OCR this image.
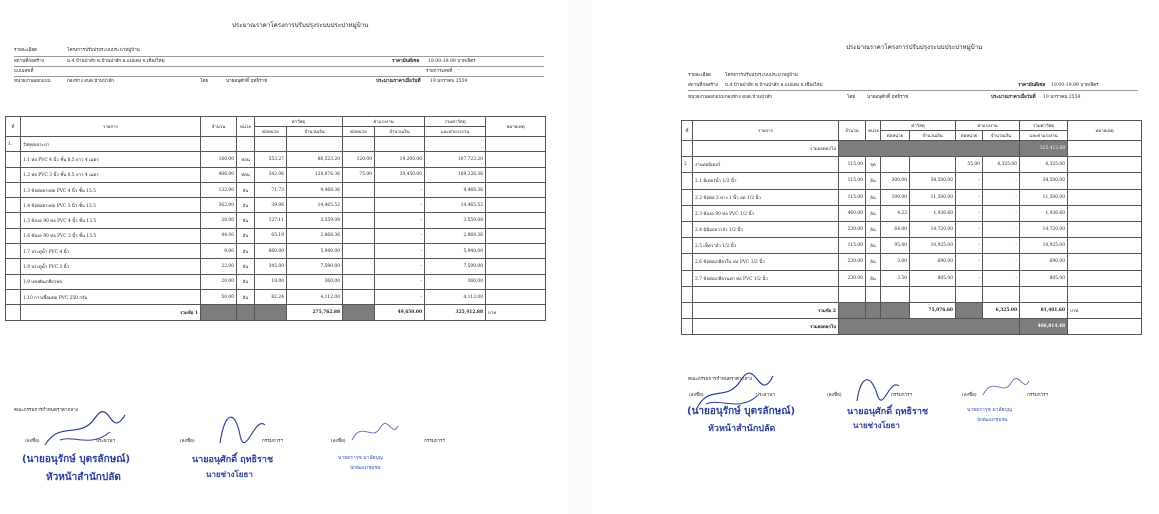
ประมาณราคาโครงการปรับปรุงระบบประปาหมู่บ้าน
รายละเอียด	โครงการปรับปรุงระบบประปาหมู่บ้าน
สถานที่ก่อสร้าง	ม.4 บ้านป่าสัก ต.บ้านป่าสัก อ.แม่แตง จ.เชียงใหม่	ราคามันดีเซล 19.00-19.99 บาท/ลิตร
แบบเลขที่	รายการเลขที่ -
หน่วยงานออกแบบ	กองช่าง อบต.บ้านป่าสัก	โดย	นายอนุศักดิ์ ฤทธิราช	ประมาณราคาเมื่อวันที่ 19 มกราคม 2559
ที่	รายการ	จำนวน	หน่วย	ค่าวัสดุ		ค่าแรงงาน		รวมค่าวัสดุ	หมายเหตุ
				ต่อหน่วย	จำนวนเงิน	ต่อหน่วย	จำนวนเงิน	และค่าแรงงาน	
1.	วัสดุท่อประปา								
	1.1 ท่อ PVC 4 นิ้ว ชั้น 8.5 ยาว 4 เมตร	160.00	ท่อน	553.27	88,523.20	120.00	19,200.00	107,723.20	
	1.2 ท่อ PVC 3 นิ้ว ชั้น 8.5 ยาว 4 เมตร	406.00	ท่อน	342.06	138,876.36	75.00	30,450.00	169,326.36	
	1.3 ข้อต่อตรงท่อ PVC 4 นิ้ว ชั้น 13.5	132.00	อัน	71.73	9,468.36		-	9,468.36	
	1.4 ข้อต่อตรงท่อ PVC 3 นิ้ว ชั้น 13.5	362.00	อัน	39.96	14,465.52		-	14,465.52	
	1.5 ข้องอ 90 ท่อ PVC 4 นิ้ว ชั้น 13.5	28.00	อัน	127.11	3,559.08		-	3,559.08	
	1.6 ข้องอ 90 ท่อ PVC 3 นิ้ว ชั้น 13.5	44.00	อัน	65.19	2,868.36		-	2,868.36	
	1.7 ประตูน้ำ PVC 4 นิ้ว	9.00	อัน	660.00	5,940.00		-	5,940.00	
	1.8 ประตูน้ำ PVC 3 นิ้ว	22.00	อัน	345.00	7,590.00		-	7,590.00	
	1.9 เทปพันเกลียวท่อ	20.00	อัน	18.00	360.00		-	360.00	
	1.10 กาวเชื่อมท่อ PVC 250 กรัม	50.00	อัน	82.24	4,112.00		-	4,112.00	
	รวมข้อ 1				275,762.88		49,650.00	325,412.88	บาท
คณะกรรมการกำหนดราคากลาง
(ลงชื่อ)	ประธานฯ
(นายอนุรักษ์ บุตรลักษณ์)
หัวหน้าสำนักปลัด
(ลงชื่อ)	กรรมการฯ
นายอนุศักดิ์ ฤทธิราช
นายช่างโยธา
(ลงชื่อ)	กรรมการฯ
นายธรารุช มาลัยบุญ
นักพัฒนาชุมชน
ประมาณราคาโครงการปรับปรุงระบบประปาหมู่บ้าน
รายละเอียด	โครงการปรับปรุงระบบประปาหมู่บ้าน
สถานที่ก่อสร้าง ม.4 บ้านป่าสัก ต.บ้านป่าสัก อ.แม่แตง จ.เชียงใหม่	ราคามันดีเซล 19.00-19.99 บาท/ลิตร
หน่วยงานออกแบบ กองช่าง อบต.บ้านป่าสัก	โดย	นายอนุศักดิ์ ฤทธิราช	ประมาณราคาเมื่อวันที่ 19 มกราคม 2559
ที่	รายการ	จำนวน	หน่วย	ค่าวัสดุ		ค่าแรงงาน		รวมค่าวัสดุ	หมายเหตุ
				ต่อหน่วย	จำนวนเงิน	ต่อหน่วย	จำนวนเงิน	และค่าแรงงาน	
	รวมยอดยกไป							325,412.88	
2	งานท่อมิเตอร์	115.00	จุด			55.00	6,325.00	6,325.00	
	2.1 มิเตอร์น้ำ 1/2 นิ้ว	115.00	อัน	300.00	34,500.00	-	-	34,500.00	
	2.2 ข้อต่อ 3 ทาง 1 นิ้ว ลด 1/2 นิ้ว	115.00	อัน	100.00	11,500.00	-	-	11,500.00	
	2.3 ข้องอ 90 ท่อ PVC 1/2 นิ้ว	460.00	อัน	4.23	1,936.60	-	-	1,936.60	
	2.4 มินิบอลวาล์ว 1/2 นิ้ว	230.00	อัน	64.00	14,720.00	-	-	14,720.00	
	2.5 เช็ควาล์ว 1/2 นิ้ว	115.00	อัน	95.00	10,925.00	-	-	10,925.00	
	2.6 ข้อต่อเกลียวใน ท่อ PVC 1/2 นิ้ว	230.00	อัน	3.00	690.00	-	-	690.00	
	2.7 ข้อต่อเกลียวนอก ท่อ PVC 1/2 นิ้ว	230.00	อัน	3.50	805.00	-	-	805.00	

	รวมข้อ 2				75,076.60		6,325.00	81,401.60	บาท
	รวมยอดยกไป							406,814.48	
คณะกรรมการกำหนดราคากลาง
(ลงชื่อ)	ประธานฯ
(นายอนุรักษ์ บุตรลักษณ์)
หัวหน้าสำนักปลัด
(ลงชื่อ)	กรรมการฯ
นายอนุศักดิ์ ฤทธิราช
นายช่างโยธา
(ลงชื่อ)	กรรมการฯ
นายธรารุช มาลัยบุญ
นักพัฒนาชุมชน
